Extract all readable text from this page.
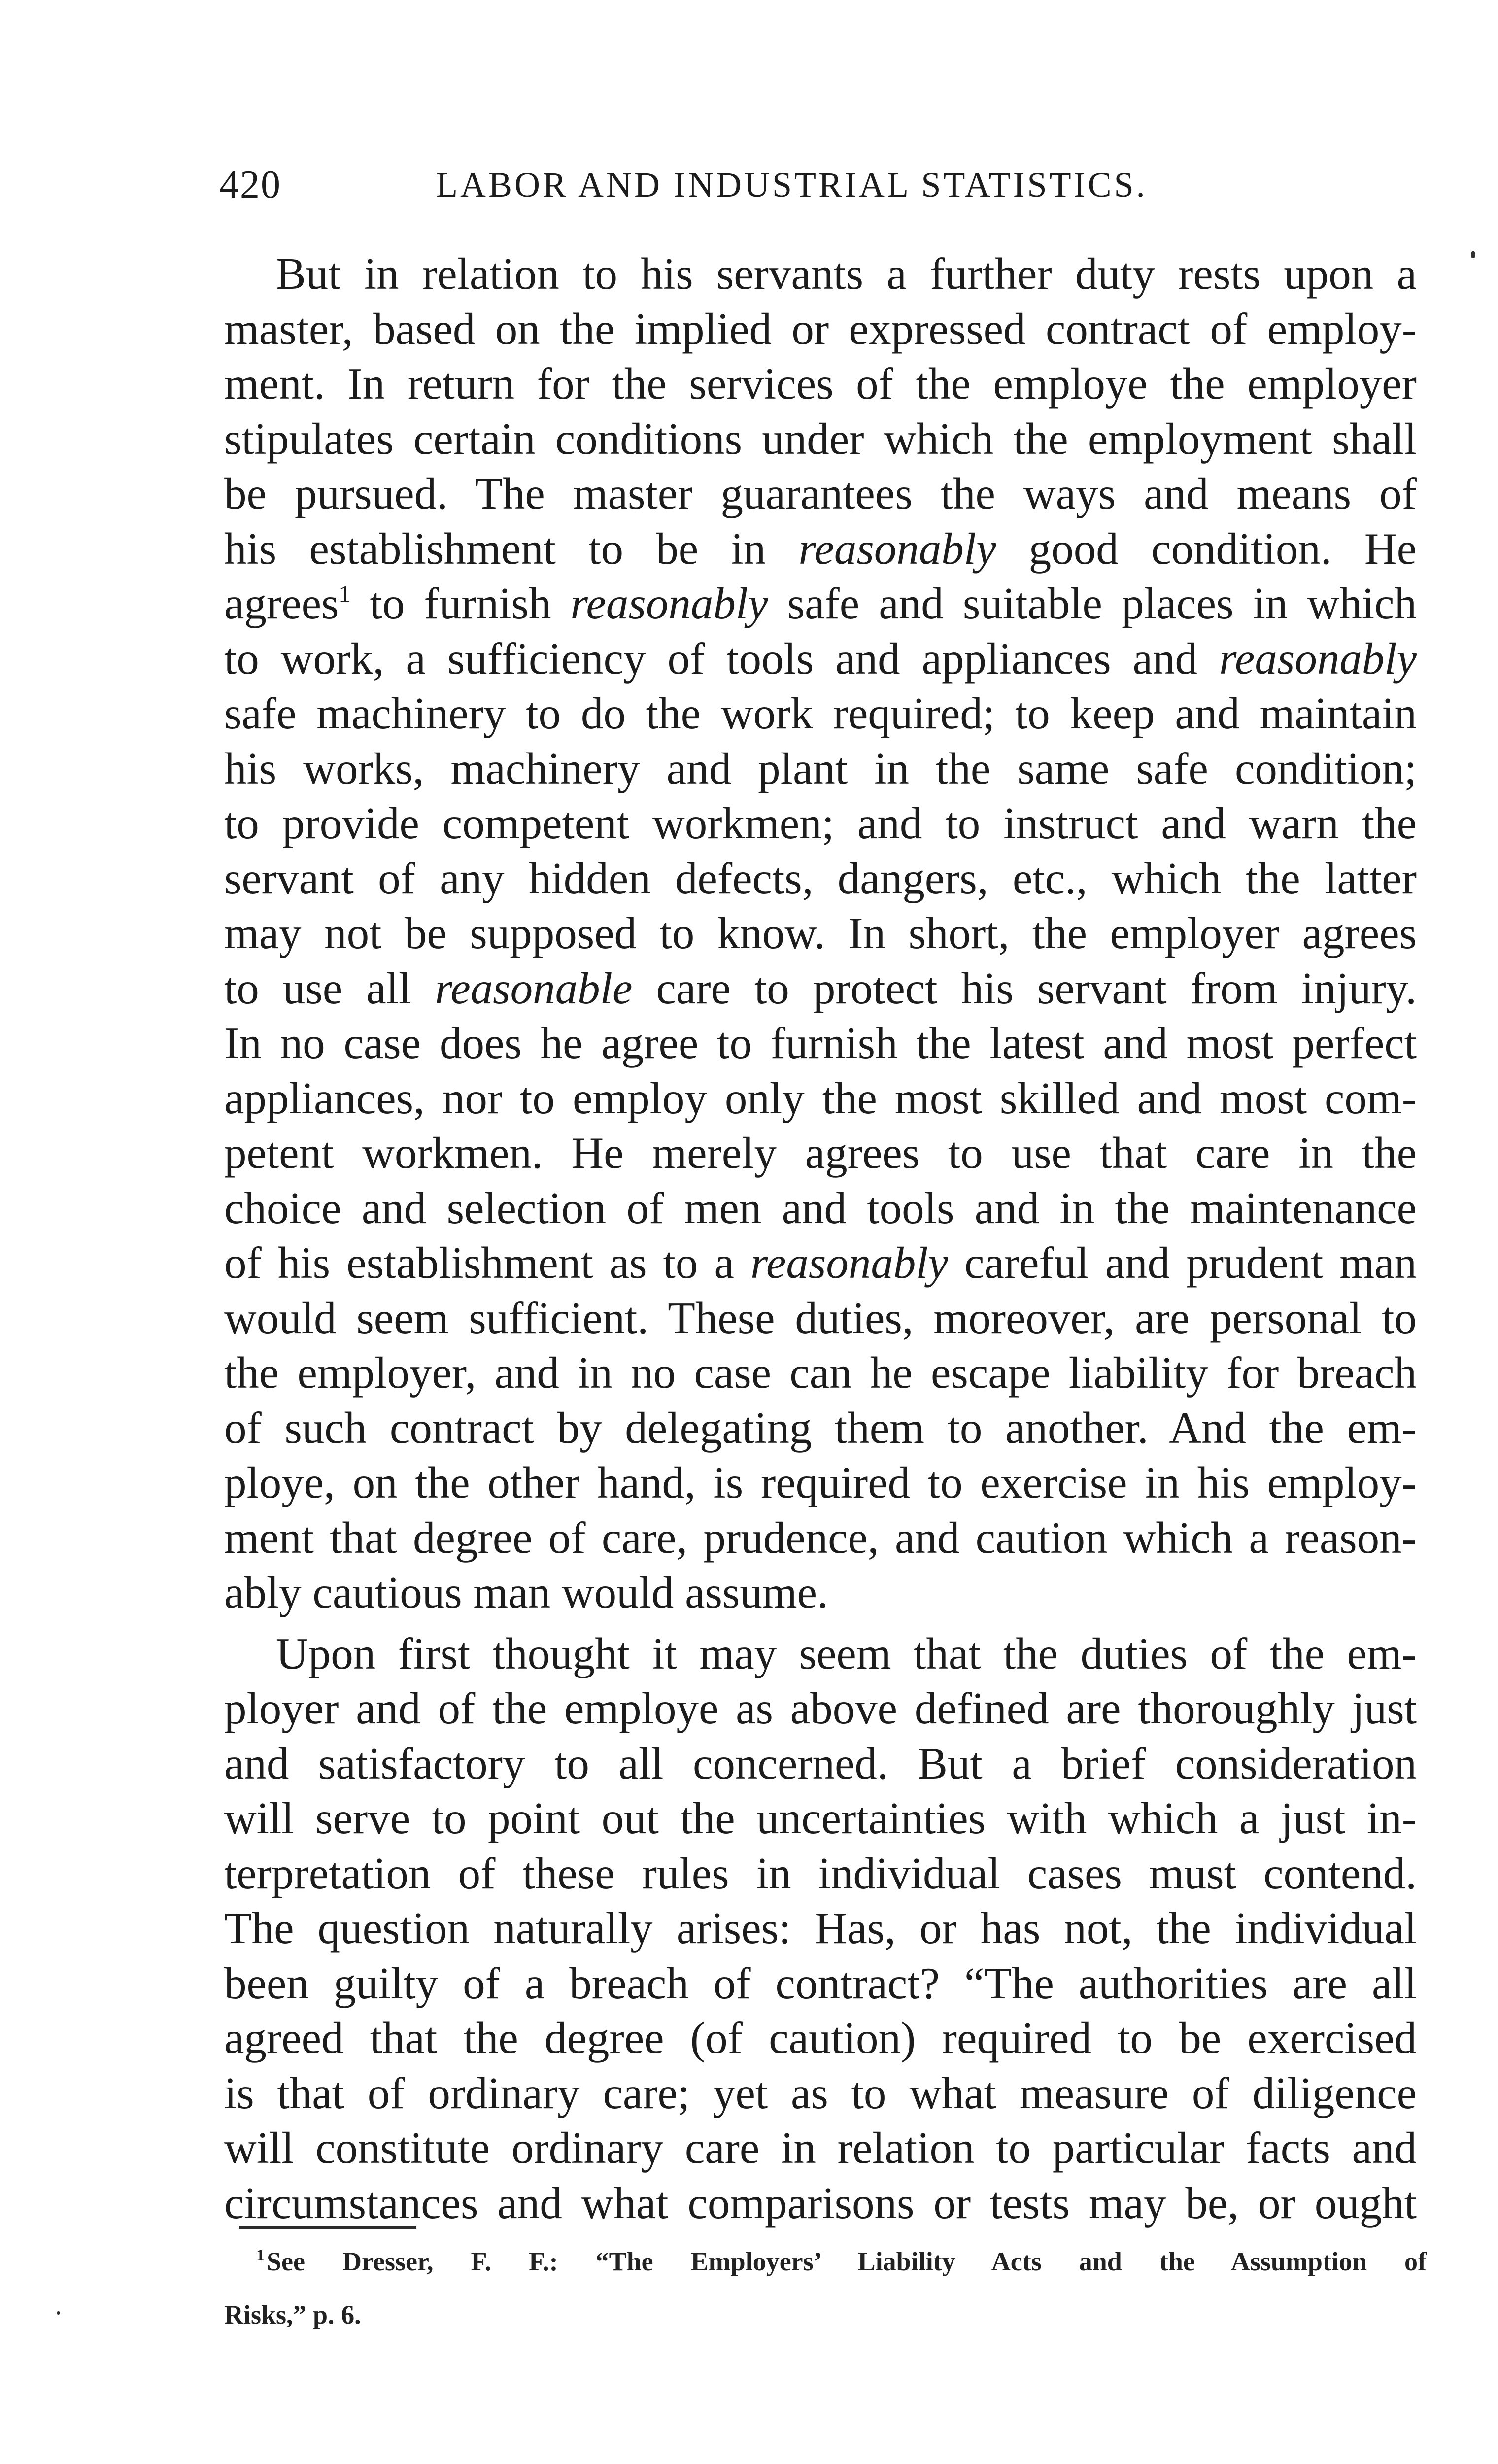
420	LABOR AND INDUSTRIAL STATISTICS.
But in relation to his servants a further duty rests upon a
master, based on the implied or expressed contract of employ-
ment. In return for the services of the employe the employer
stipulates certain conditions under which the employment shall
be pursued. The master guarantees the ways and means of
his establishment to be in reasonably good condition. He
agrees$^1$ to furnish reasonably safe and suitable places in which
to work, a sufficiency of tools and appliances and reasonably
safe machinery to do the work required; to keep and maintain
his works, machinery and plant in the same safe condition;
to provide competent workmen; and to instruct and warn the
servant of any hidden defects, dangers, etc., which the latter
may not be supposed to know. In short, the employer agrees
to use all reasonable care to protect his servant from injury.
In no case does he agree to furnish the latest and most perfect
appliances, nor to employ only the most skilled and most com-
petent workmen. He merely agrees to use that care in the
choice and selection of men and tools and in the maintenance
of his establishment as to a reasonably careful and prudent man
would seem sufficient. These duties, moreover, are personal to
the employer, and in no case can he escape liability for breach
of such contract by delegating them to another. And the em-
ploye, on the other hand, is required to exercise in his employ-
ment that degree of care, prudence, and caution which a reason-
ably cautious man would assume.
Upon first thought it may seem that the duties of the em-
ployer and of the employe as above defined are thoroughly just
and satisfactory to all concerned. But a brief consideration
will serve to point out the uncertainties with which a just in-
terpretation of these rules in individual cases must contend.
The question naturally arises: Has, or has not, the individual
been guilty of a breach of contract? “The authorities are all
agreed that the degree (of caution) required to be exercised
is that of ordinary care; yet as to what measure of diligence
will constitute ordinary care in relation to particular facts and
circumstances and what comparisons or tests may be, or ought
$^1$See Dresser, F. F.: “The Employers’ Liability Acts and the Assumption of
Risks,” p. 6.
